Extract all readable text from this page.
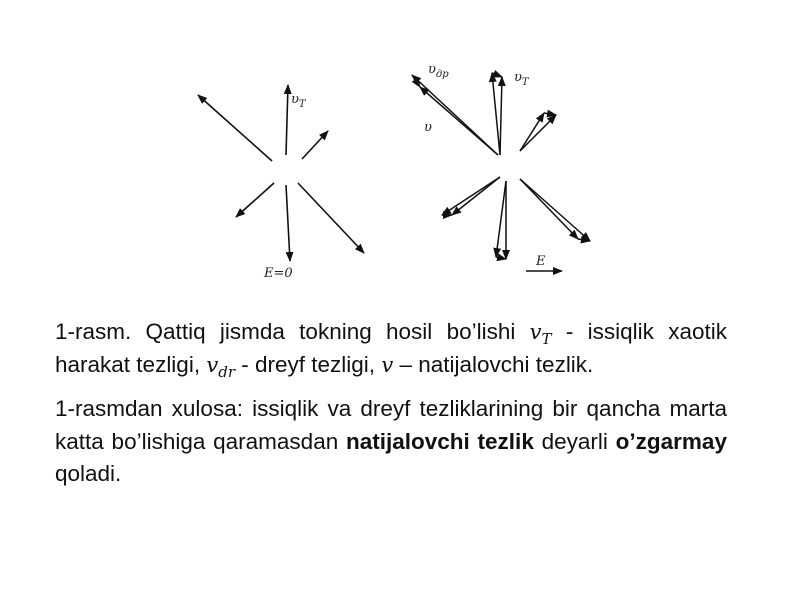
$\upsilon_T$
E=0
$\upsilon_{др}$	$\upsilon_T$
υ
E

1-rasm. Qattiq jismda tokning hosil bo’lishi $v_T$ - issiqlik xaotik harakat tezligi, $v_{dr}$ - dreyf tezligi, v – natijalovchi tezlik.

1-rasmdan xulosa: issiqlik va dreyf tezliklarining bir qancha marta katta bo’lishiga qaramasdan natijalovchi tezlik deyarli o’zgarmay qoladi.
